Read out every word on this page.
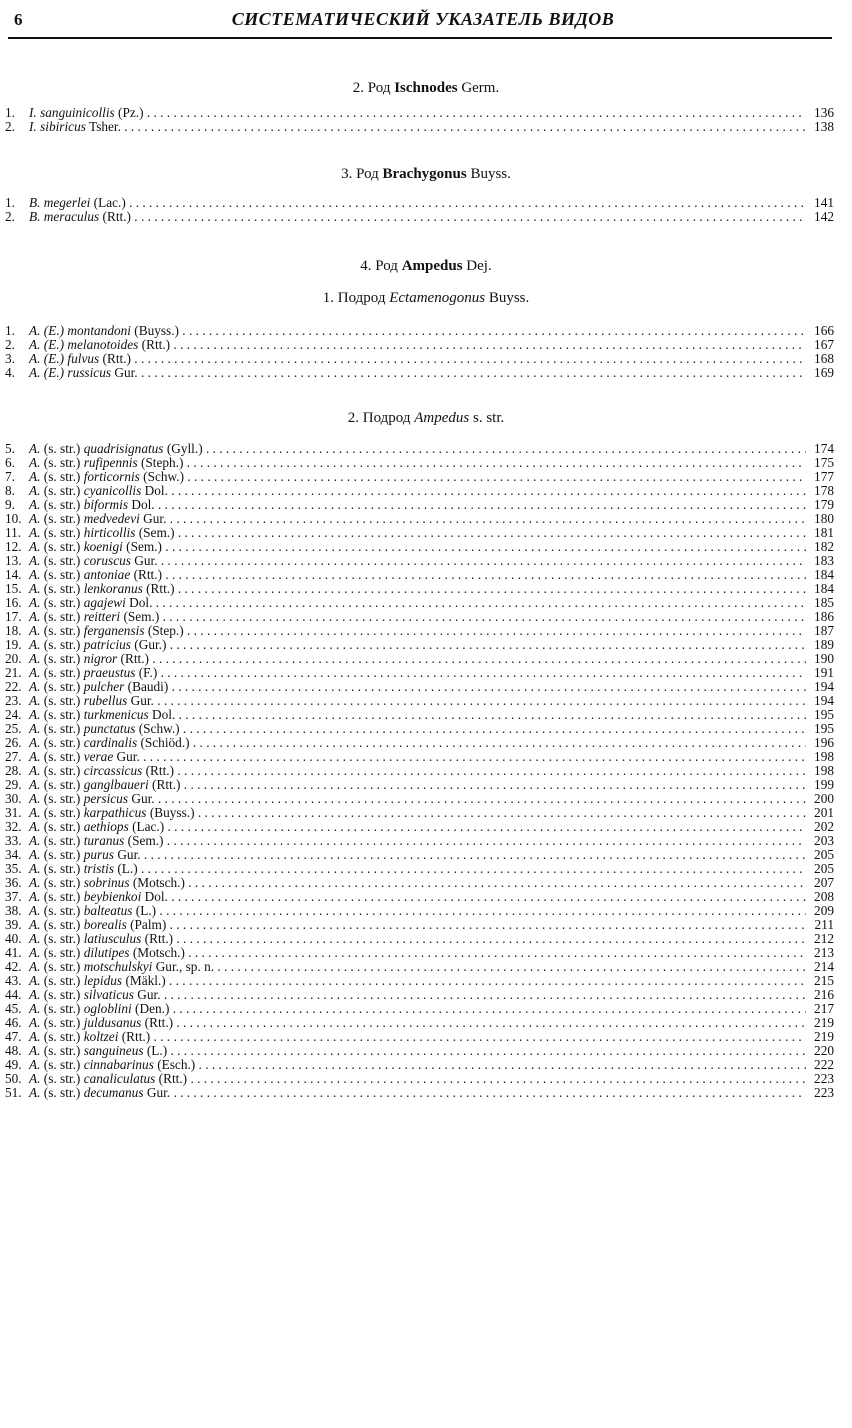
6	СИСТЕМАТИЧЕСКИЙ УКАЗАТЕЛЬ ВИДОВ
2. Род Ischnodes Germ.
1. I. sanguinicollis (Pz.) . . .	136
2. I. sibiricus Tsher. . . .	138
3. Род Brachygonus Buyss.
1. B. megerlei (Lac.) . . .	141
2. B. meraculus (Rtt.) . . .	142
4. Род Ampedus Dej.
1. Подрод Ectamenogonus Buyss.
1. A. (E.) montandoni (Buyss.) . . .	166
2. A. (E.) melanotoides (Rtt.) . . .	167
3. A. (E.) fulvus (Rtt.) . . .	168
4. A. (E.) russicus Gur. . . .	169
2. Подрод Ampedus s. str.
5. A. (s. str.) quadrisignatus (Gyll.) . . .	174
6. A. (s. str.) rufipennis (Steph.) . . .	175
7. A. (s. str.) forticornis (Schw.) . . .	177
8. A. (s. str.) cyanicollis Dol. . . .	178
9. A. (s. str.) biformis Dol. . . .	179
10. A. (s. str.) medvedevi Gur. . . .	180
11. A. (s. str.) hirticollis (Sem.) . . .	181
12. A. (s. str.) koenigi (Sem.) . . .	182
13. A. (s. str.) coruscus Gur. . . .	183
14. A. (s. str.) antoniae (Rtt.) . . .	184
15. A. (s. str.) lenkoranus (Rtt.) . . .	184
16. A. (s. str.) agajewi Dol. . . .	185
17. A. (s. str.) reitteri (Sem.) . . .	186
18. A. (s. str.) ferganensis (Step.) . . .	187
19. A. (s. str.) patricius (Gur.) . . .	189
20. A. (s. str.) nigror (Rtt.) . . .	190
21. A. (s. str.) praeustus (F.) . . .	191
22. A. (s. str.) pulcher (Baudi) . . .	194
23. A. (s. str.) rubellus Gur. . . .	194
24. A. (s. str.) turkmenicus Dol. . . .	195
25. A. (s. str.) punctatus (Schw.) . . .	195
26. A. (s. str.) cardinalis (Schiöd.) . . .	196
27. A. (s. str.) verae Gur. . . .	198
28. A. (s. str.) circassicus (Rtt.) . . .	198
29. A. (s. str.) ganglbaueri (Rtt.) . . .	199
30. A. (s. str.) persicus Gur. . . .	200
31. A. (s. str.) karpathicus (Buyss.) . . .	201
32. A. (s. str.) aethiops (Lac.) . . .	202
33. A. (s. str.) turanus (Sem.) . . .	203
34. A. (s. str.) purus Gur. . . .	205
35. A. (s. str.) tristis (L.) . . .	205
36. A. (s. str.) sobrinus (Motsch.) . . .	207
37. A. (s. str.) beybienkoi Dol. . . .	208
38. A. (s. str.) balteatus (L.) . . .	209
39. A. (s. str.) borealis (Palm) . . .	211
40. A. (s. str.) latiusculus (Rtt.) . . .	212
41. A. (s. str.) dilutipes (Motsch.) . . .	213
42. A. (s. str.) motschulskyi Gur., sp. n. . . .	214
43. A. (s. str.) lepidus (Mäkl.) . . .	215
44. A. (s. str.) silvaticus Gur. . . .	216
45. A. (s. str.) ogloblini (Den.) . . .	217
46. A. (s. str.) juldusanus (Rtt.) . . .	219
47. A. (s. str.) koltzei (Rtt.) . . .	219
48. A. (s. str.) sanguineus (L.) . . .	220
49. A. (s. str.) cinnabarinus (Esch.) . . .	222
50. A. (s. str.) canaliculatus (Rtt.) . . .	223
51. A. (s. str.) decumanus Gur. . . .	223
